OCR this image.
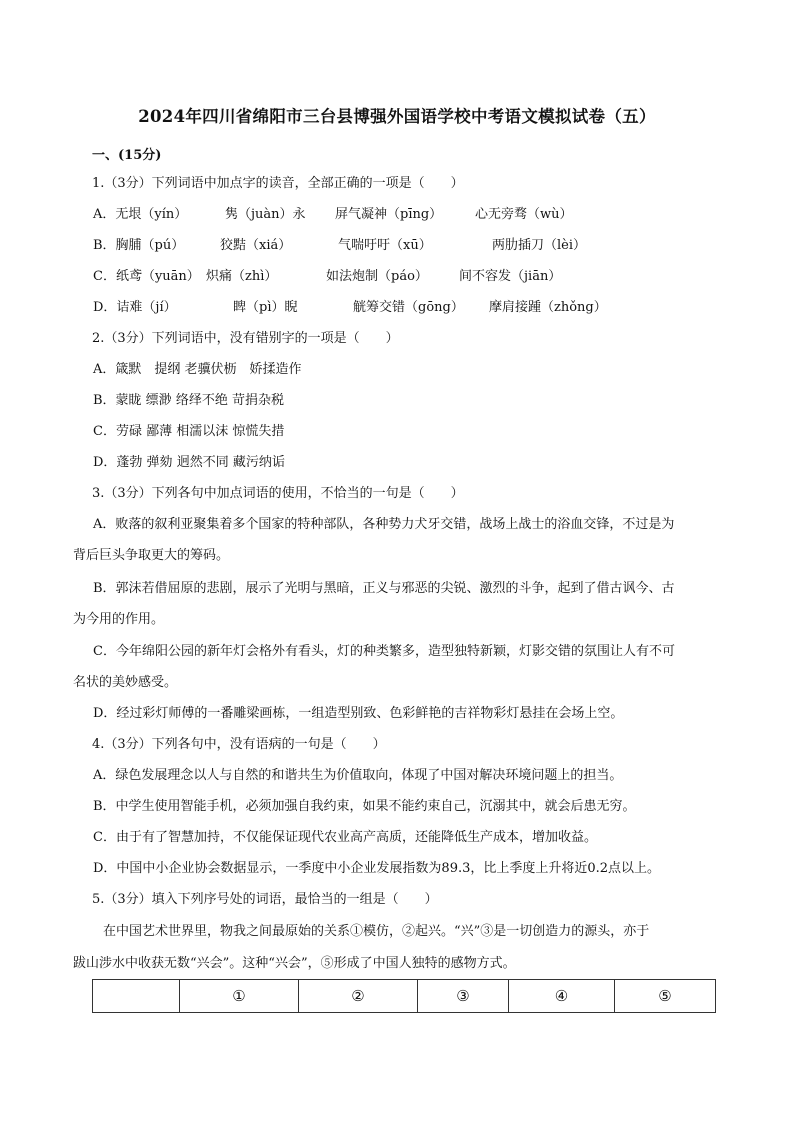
2024年四川省绵阳市三台县博强外国语学校中考语文模拟试卷（五）
一、(15分)
1.（3分）下列词语中加点字的读音，全部正确的一项是（　　）
A．无垠（yín）	隽（juàn）永 屏气凝神（pīng）	心无旁骛（wù）
B．胸脯（pú）	狡黠（xiá）	气喘吁吁（xū）	两肋插刀（lèi）
C．纸鸢（yuān） 炽痛（zhì）	如法炮制（páo） 间不容发（jiān）
D．诘难（jí）	睥（pì）睨	觥筹交错（gōng） 摩肩接踵（zhǒng）
2.（3分）下列词语中，没有错别字的一项是（　　）
A．箴默　提纲 老骥伏枥　娇揉造作
B．蒙眬 缥渺 络绎不绝 苛捐杂税
C．劳碌 鄙薄 相濡以沫 惊慌失措
D．蓬勃 弹劾 迥然不同 藏污纳诟
3.（3分）下列各句中加点词语的使用，不恰当的一句是（　　）
A．败落的叙利亚聚集着多个国家的特种部队，各种势力犬牙交错，战场上战士的浴血交锋，不过是为
背后巨头争取更大的筹码。
B．郭沫若借屈原的悲剧，展示了光明与黑暗，正义与邪恶的尖锐、激烈的斗争，起到了借古讽今、古
为今用的作用。
C．今年绵阳公园的新年灯会格外有看头，灯的种类繁多，造型独特新颖，灯影交错的氛围让人有不可
名状的美妙感受。
D．经过彩灯师傅的一番雕梁画栋，一组造型别致、色彩鲜艳的吉祥物彩灯悬挂在会场上空。
4.（3分）下列各句中，没有语病的一句是（　　）
A．绿色发展理念以人与自然的和谐共生为价值取向，体现了中国对解决环境问题上的担当。
B．中学生使用智能手机，必须加强自我约束，如果不能约束自己，沉溺其中，就会后患无穷。
C．由于有了智慧加持，不仅能保证现代农业高产高质，还能降低生产成本，增加收益。
D．中国中小企业协会数据显示，一季度中小企业发展指数为89.3，比上季度上升将近0.2点以上。
5.（3分）填入下列序号处的词语，最恰当的一组是（　　）
在中国艺术世界里，物我之间最原始的关系①模仿，②起兴。“兴”③是一切创造力的源头，亦于
跋山涉水中收获无数“兴会”。这种“兴会”，⑤形成了中国人独特的感物方式。
	①	②	③	④	⑤
